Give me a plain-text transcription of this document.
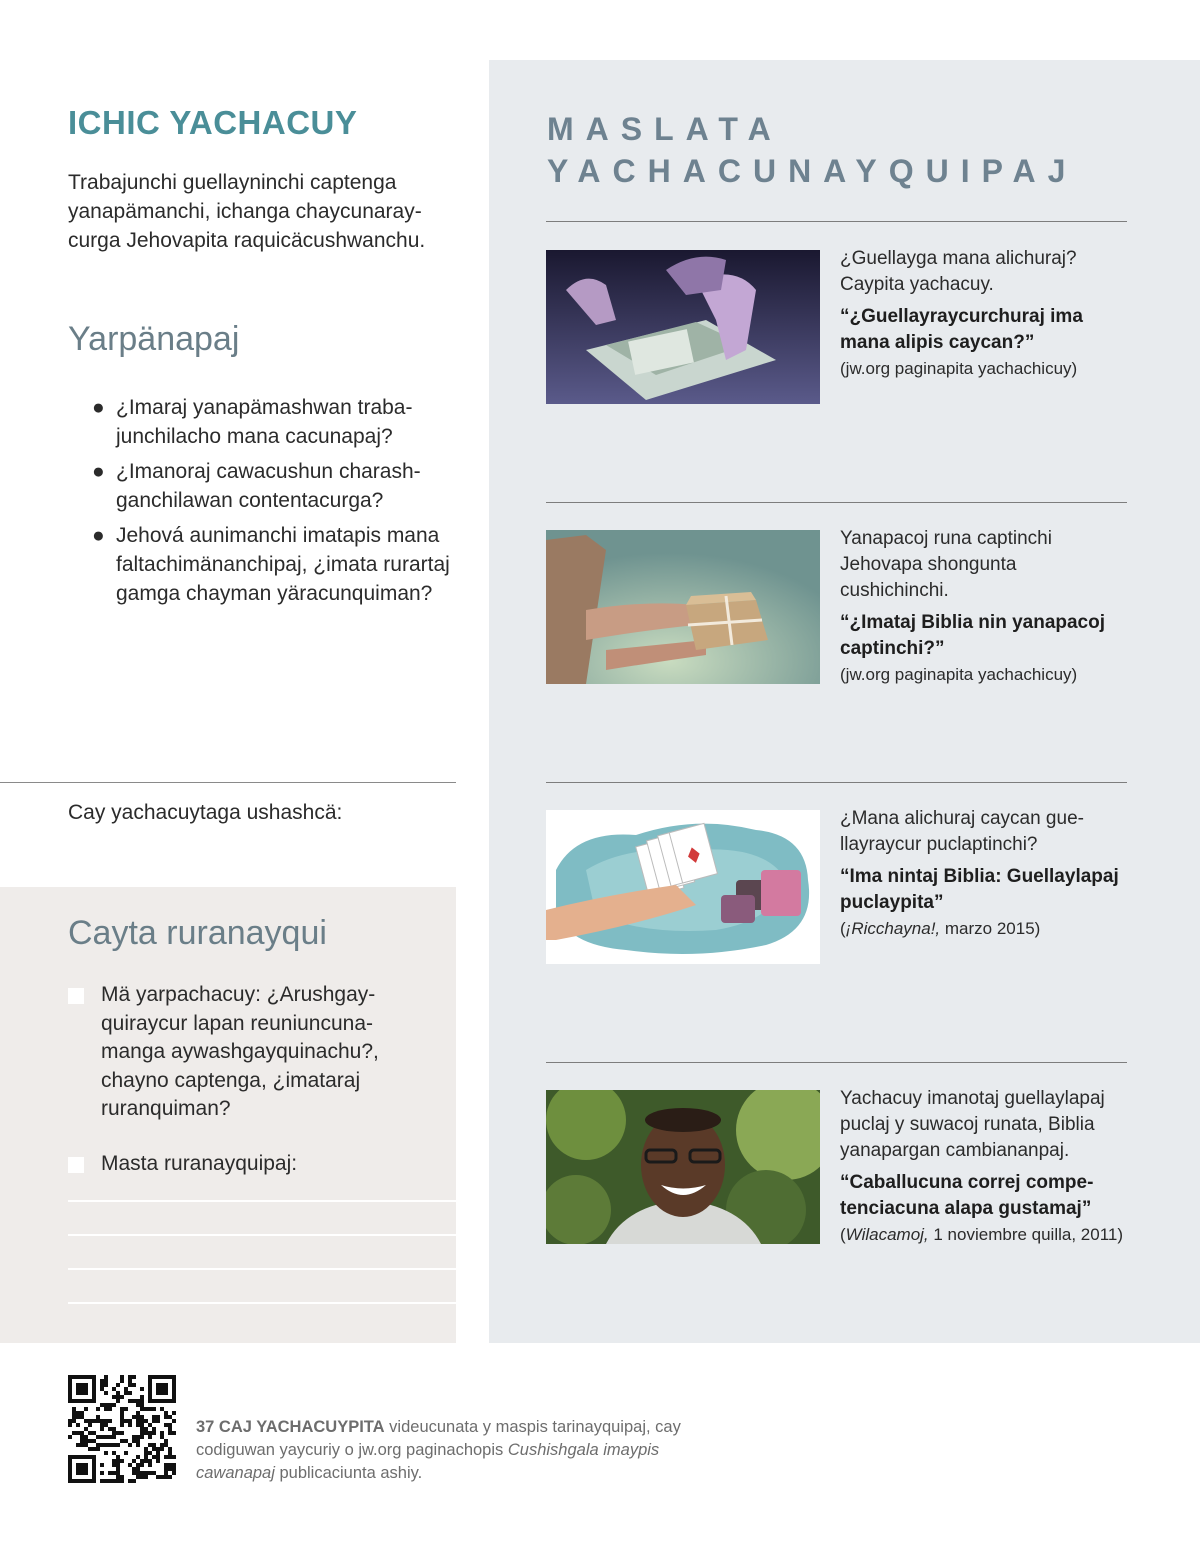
ICHIC YACHACUY

Trabajunchi guellayninchi captenga yanapämanchi, ichanga chaycunaraycurga Jehovapita raquicäcushwanchu.

Yarpänapaj
● ¿Imaraj yanapämashwan trabajunchilacho mana cacunapaj?
● ¿Imanoraj cawacushun charashganchilawan contentacurga?
● Jehová aunimanchi imatapis mana faltachimänanchipaj, ¿imata rurartaj gamga chayman yäracunquiman?

Cay yachacuytaga ushashcä:

Cayta ruranayqui
Mä yarpachacuy: ¿Arushgayquiraycur lapan reuniuncunamanga aywashgayquinachu?, chayno captenga, ¿imataraj ruranquiman?
Masta ruranayquipaj:
MASLATA
YACHACUNAYQUIPAJ

¿Guellayga mana alichuraj? Caypita yachacuy.

“¿Guellayraycurchuraj ima mana alipis caycan?”

(jw.org paginapita yachachicuy)

Yanapacoj runa captinchi Jehovapa shongunta cushichinchi.

“¿Imataj Biblia nin yanapacoj captinchi?”

(jw.org paginapita yachachicuy)

¿Mana alichuraj caycan guellayraycur puclaptinchi?

“Ima nintaj Biblia: Guellaylapaj puclaypita”

(¡Ricchayna!, marzo 2015)

Yachacuy imanotaj guellaylapaj puclaj y suwacoj runata, Biblia yanapargan cambiananpaj.

“Caballucuna correj competenciacuna alapa gustamaj”

(Wilacamoj, 1 noviembre quilla, 2011)

37 CAJ YACHACUYPITA videucunata y maspis tarinayquipaj, cay codiguwan yaycuriy o jw.org paginachopis Cushishgala imaypis cawanapaj publicaciunta ashiy.
